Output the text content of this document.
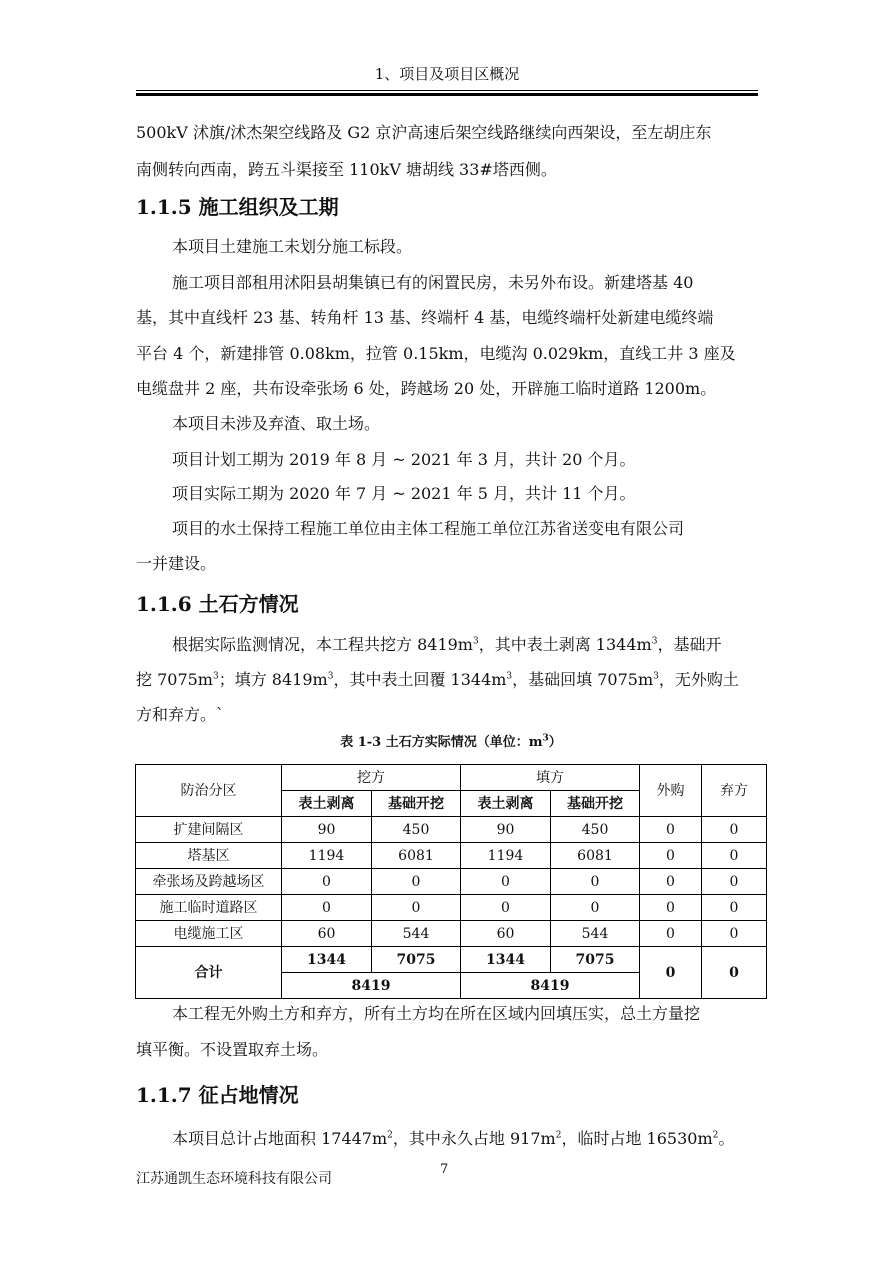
1、项目及项目区概况
500kV 沭旗/沭杰架空线路及 G2 京沪高速后架空线路继续向西架设，至左胡庄东
南侧转向西南，跨五斗渠接至 110kV 塘胡线 33#塔西侧。
1.1.5 施工组织及工期
本项目土建施工未划分施工标段。
施工项目部租用沭阳县胡集镇已有的闲置民房，未另外布设。新建塔基 40
基，其中直线杆 23 基、转角杆 13 基、终端杆 4 基，电缆终端杆处新建电缆终端
平台 4 个，新建排管 0.08km，拉管 0.15km，电缆沟 0.029km，直线工井 3 座及
电缆盘井 2 座，共布设牵张场 6 处，跨越场 20 处，开辟施工临时道路 1200m。
本项目未涉及弃渣、取土场。
项目计划工期为 2019 年 8 月 ~ 2021 年 3 月，共计 20 个月。
项目实际工期为 2020 年 7 月 ~ 2021 年 5 月，共计 11 个月。
项目的水土保持工程施工单位由主体工程施工单位江苏省送变电有限公司
一并建设。
1.1.6 土石方情况
根据实际监测情况，本工程共挖方 $8419m^3$，其中表土剥离 $1344m^3$，基础开
挖 $7075m^3$；填方 $8419m^3$，其中表土回覆 $1344m^3$，基础回填 $7075m^3$，无外购土
方和弃方。`
表 1-3 土石方实际情况（单位：$m^3$）
防治分区	挖方		填方		外购	弃方
	表土剥离	基础开挖	表土剥离	基础开挖		
扩建间隔区	90	450	90	450	0	0
塔基区	1194	6081	1194	6081	0	0
牵张场及跨越场区	0	0	0	0	0	0
施工临时道路区	0	0	0	0	0	0
电缆施工区	60	544	60	544	0	0
合计	1344	7075	1344	7075	0	0
	8419		8419			
本工程无外购土方和弃方，所有土方均在所在区域内回填压实，总土方量挖
填平衡。不设置取弃土场。
1.1.7 征占地情况
本项目总计占地面积 $17447m^2$，其中永久占地 $917m^2$，临时占地 $16530m^2$。
7
江苏通凯生态环境科技有限公司
